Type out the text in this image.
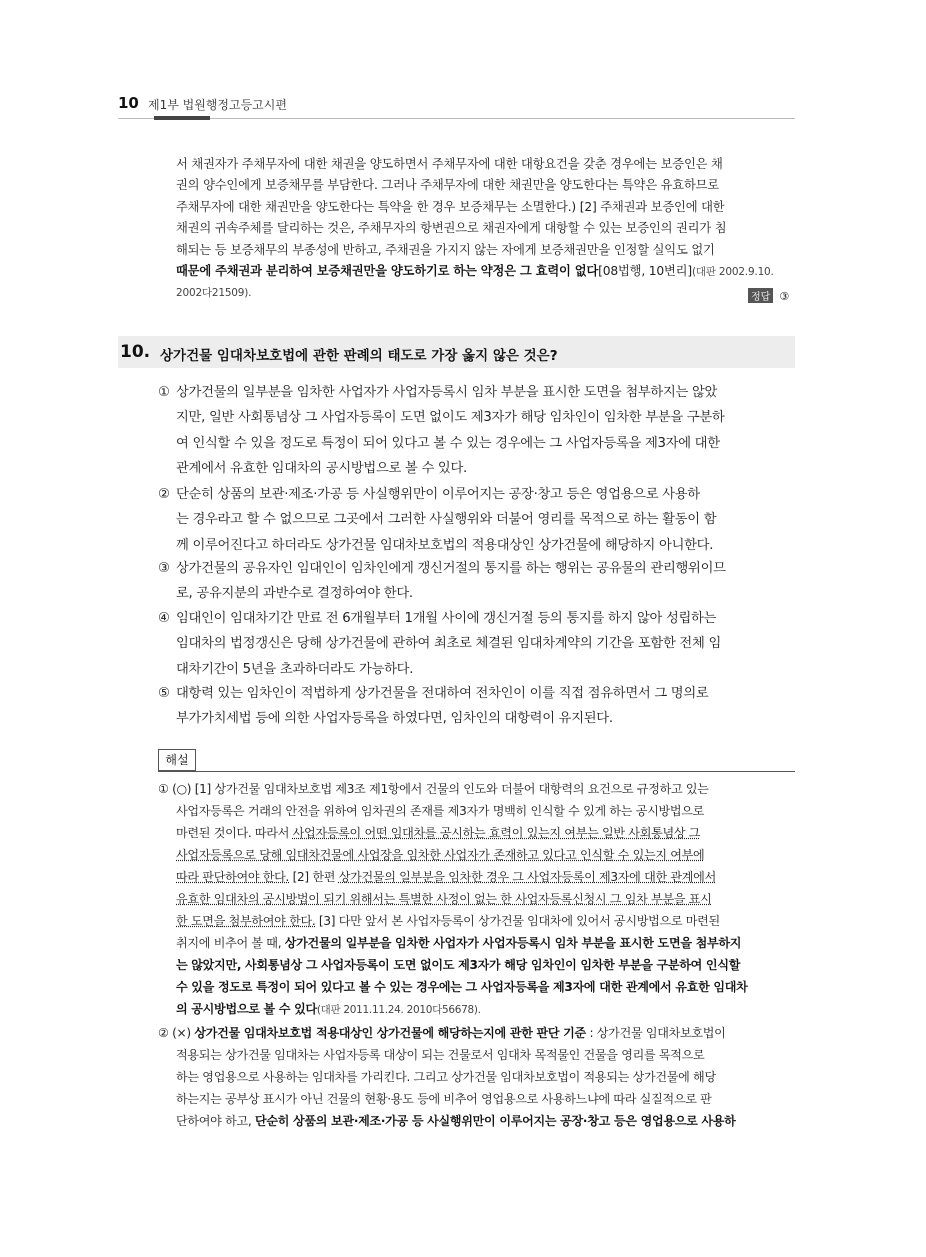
10 제1부 법원행정고등고시편
서 채권자가 주채무자에 대한 채권을 양도하면서 주채무자에 대한 대항요건을 갖춘 경우에는 보증인은 채
권의 양수인에게 보증채무를 부담한다. 그러나 주채무자에 대한 채권만을 양도한다는 특약은 유효하므로
주채무자에 대한 채권만을 양도한다는 특약을 한 경우 보증채무는 소멸한다.) [2] 주채권과 보증인에 대한
채권의 귀속주체를 달리하는 것은, 주채무자의 항변권으로 채권자에게 대항할 수 있는 보증인의 권리가 침
해되는 등 보증채무의 부종성에 반하고, 주채권을 가지지 않는 자에게 보증채권만을 인정할 실익도 없기
때문에 주채권과 분리하여 보증채권만을 양도하기로 하는 약정은 그 효력이 없다[08법행, 10변리](대판 2002.9.10.
2002다21509).	정답 ③
10. 상가건물 임대차보호법에 관한 판례의 태도로 가장 옳지 않은 것은?
① 상가건물의 일부분을 임차한 사업자가 사업자등록시 임차 부분을 표시한 도면을 첨부하지는 않았
지만, 일반 사회통념상 그 사업자등록이 도면 없이도 제3자가 해당 임차인이 임차한 부분을 구분하
여 인식할 수 있을 정도로 특정이 되어 있다고 볼 수 있는 경우에는 그 사업자등록을 제3자에 대한
관계에서 유효한 임대차의 공시방법으로 볼 수 있다.
② 단순히 상품의 보관·제조·가공 등 사실행위만이 이루어지는 공장·창고 등은 영업용으로 사용하
는 경우라고 할 수 없으므로 그곳에서 그러한 사실행위와 더불어 영리를 목적으로 하는 활동이 함
께 이루어진다고 하더라도 상가건물 임대차보호법의 적용대상인 상가건물에 해당하지 아니한다.
③ 상가건물의 공유자인 임대인이 임차인에게 갱신거절의 통지를 하는 행위는 공유물의 관리행위이므
로, 공유지분의 과반수로 결정하여야 한다.
④ 임대인이 임대차기간 만료 전 6개월부터 1개월 사이에 갱신거절 등의 통지를 하지 않아 성립하는
임대차의 법정갱신은 당해 상가건물에 관하여 최초로 체결된 임대차계약의 기간을 포함한 전체 임
대차기간이 5년을 초과하더라도 가능하다.
⑤ 대항력 있는 임차인이 적법하게 상가건물을 전대하여 전차인이 이를 직접 점유하면서 그 명의로
부가가치세법 등에 의한 사업자등록을 하였다면, 임차인의 대항력이 유지된다.
해설
① (○) [1] 상가건물 임대차보호법 제3조 제1항에서 건물의 인도와 더불어 대항력의 요건으로 규정하고 있는
사업자등록은 거래의 안전을 위하여 임차권의 존재를 제3자가 명백히 인식할 수 있게 하는 공시방법으로
마련된 것이다. 따라서 사업자등록이 어떤 임대차를 공시하는 효력이 있는지 여부는 일반 사회통념상 그
사업자등록으로 당해 임대차건물에 사업장을 임차한 사업자가 존재하고 있다고 인식할 수 있는지 여부에
따라 판단하여야 한다. [2] 한편 상가건물의 일부분을 임차한 경우 그 사업자등록이 제3자에 대한 관계에서
유효한 임대차의 공시방법이 되기 위해서는 특별한 사정이 없는 한 사업자등록신청시 그 임차 부분을 표시
한 도면을 첨부하여야 한다. [3] 다만 앞서 본 사업자등록이 상가건물 임대차에 있어서 공시방법으로 마련된
취지에 비추어 볼 때, 상가건물의 일부분을 임차한 사업자가 사업자등록시 임차 부분을 표시한 도면을 첨부하지
는 않았지만, 사회통념상 그 사업자등록이 도면 없이도 제3자가 해당 임차인이 임차한 부분을 구분하여 인식할
수 있을 정도로 특정이 되어 있다고 볼 수 있는 경우에는 그 사업자등록을 제3자에 대한 관계에서 유효한 임대차
의 공시방법으로 볼 수 있다(대판 2011.11.24. 2010다56678).
② (×) 상가건물 임대차보호법 적용대상인 상가건물에 해당하는지에 관한 판단 기준 : 상가건물 임대차보호법이
적용되는 상가건물 임대차는 사업자등록 대상이 되는 건물로서 임대차 목적물인 건물을 영리를 목적으로
하는 영업용으로 사용하는 임대차를 가리킨다. 그리고 상가건물 임대차보호법이 적용되는 상가건물에 해당
하는지는 공부상 표시가 아닌 건물의 현황·용도 등에 비추어 영업용으로 사용하느냐에 따라 실질적으로 판
단하여야 하고, 단순히 상품의 보관·제조·가공 등 사실행위만이 이루어지는 공장·창고 등은 영업용으로 사용하
